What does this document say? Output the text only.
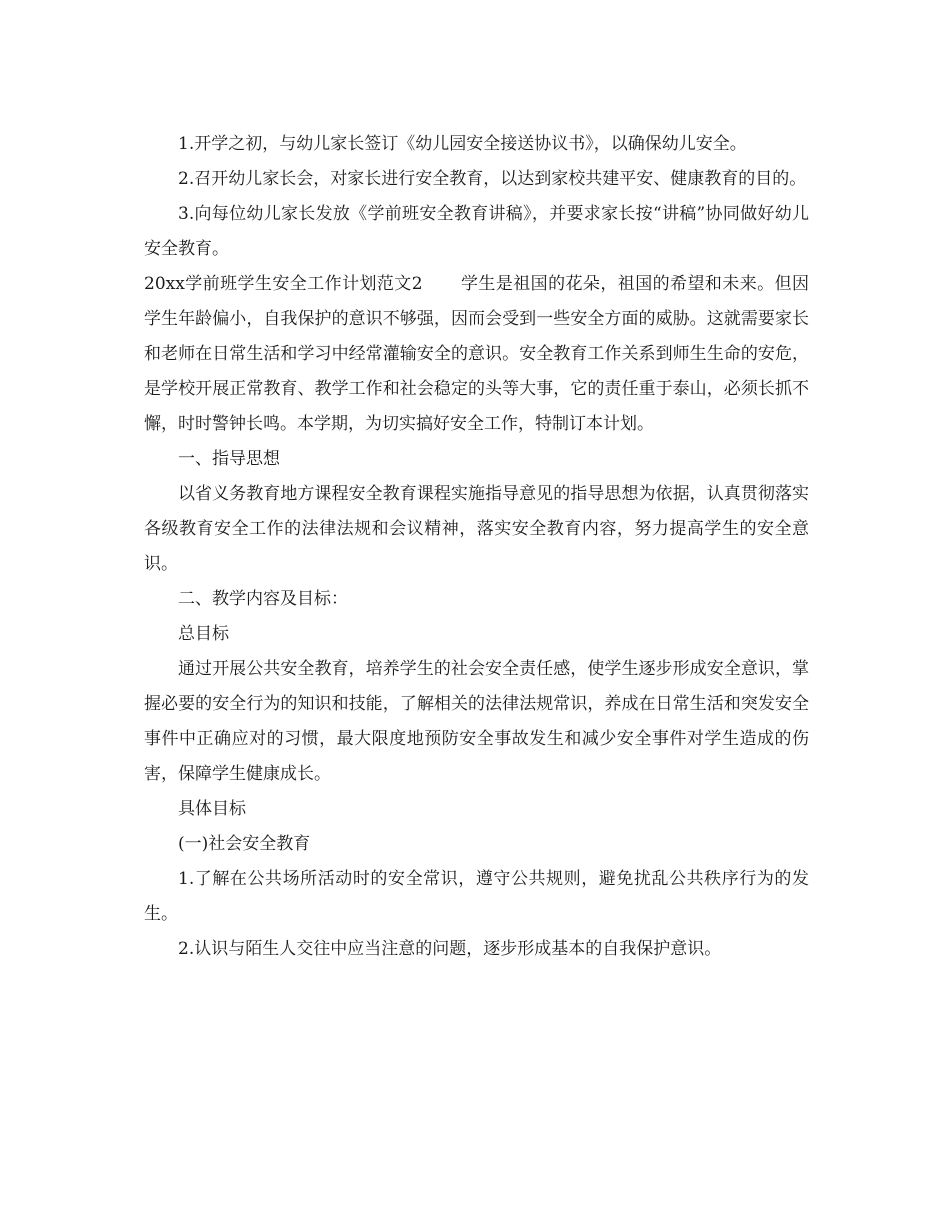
1.开学之初，与幼儿家长签订《幼儿园安全接送协议书》，以确保幼儿安全。

2.召开幼儿家长会，对家长进行安全教育，以达到家校共建平安、健康教育的目的。

3.向每位幼儿家长发放《学前班安全教育讲稿》，并要求家长按“讲稿”协同做好幼儿安全教育。

20xx学前班学生安全工作计划范文2 学生是祖国的花朵，祖国的希望和未来。但因学生年龄偏小，自我保护的意识不够强，因而会受到一些安全方面的威胁。这就需要家长和老师在日常生活和学习中经常灌输安全的意识。安全教育工作关系到师生生命的安危，是学校开展正常教育、教学工作和社会稳定的头等大事，它的责任重于泰山，必须长抓不懈，时时警钟长鸣。本学期，为切实搞好安全工作，特制订本计划。

一、指导思想

以省义务教育地方课程安全教育课程实施指导意见的指导思想为依据，认真贯彻落实各级教育安全工作的法律法规和会议精神，落实安全教育内容，努力提高学生的安全意识。

二、教学内容及目标：

总目标

通过开展公共安全教育，培养学生的社会安全责任感，使学生逐步形成安全意识，掌握必要的安全行为的知识和技能，了解相关的法律法规常识，养成在日常生活和突发安全事件中正确应对的习惯，最大限度地预防安全事故发生和减少安全事件对学生造成的伤害，保障学生健康成长。

具体目标

(一)社会安全教育

1.了解在公共场所活动时的安全常识，遵守公共规则，避免扰乱公共秩序行为的发生。

2.认识与陌生人交往中应当注意的问题，逐步形成基本的自我保护意识。
